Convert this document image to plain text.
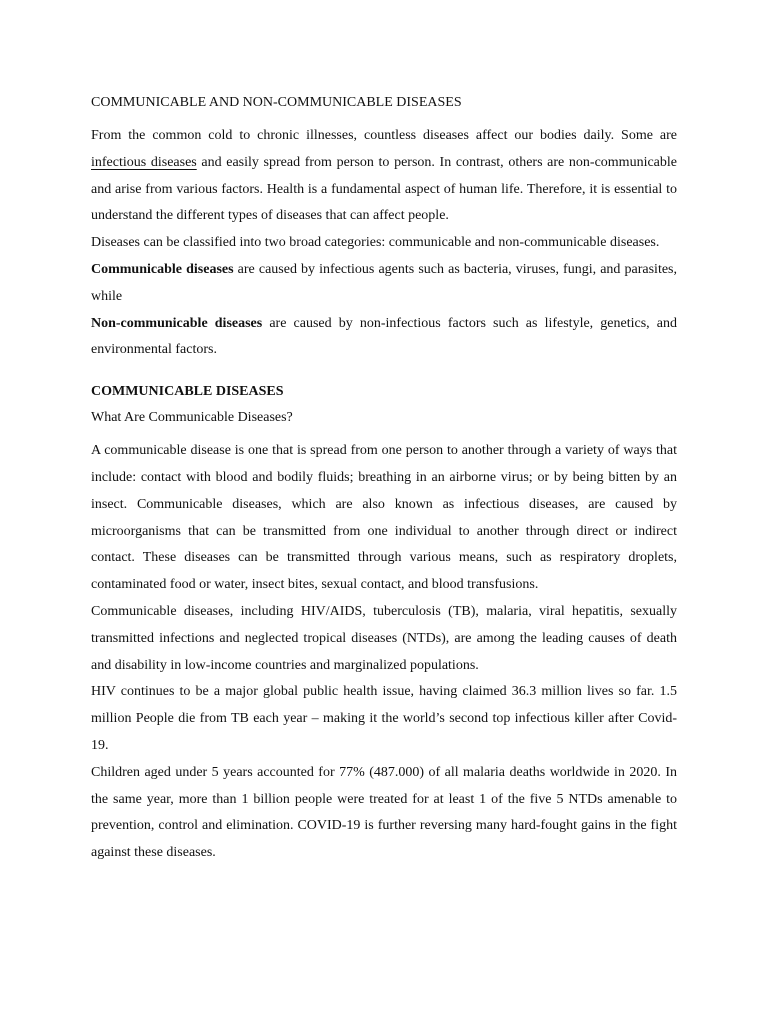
COMMUNICABLE AND NON-COMMUNICABLE DISEASES

From the common cold to chronic illnesses, countless diseases affect our bodies daily. Some are infectious diseases and easily spread from person to person. In contrast, others are non-communicable and arise from various factors. Health is a fundamental aspect of human life. Therefore, it is essential to understand the different types of diseases that can affect people.

Diseases can be classified into two broad categories: communicable and non-communicable diseases.

Communicable diseases are caused by infectious agents such as bacteria, viruses, fungi, and parasites, while

Non-communicable diseases are caused by non-infectious factors such as lifestyle, genetics, and environmental factors.

COMMUNICABLE DISEASES
What Are Communicable Diseases?

A communicable disease is one that is spread from one person to another through a variety of ways that include: contact with blood and bodily fluids; breathing in an airborne virus; or by being bitten by an insect. Communicable diseases, which are also known as infectious diseases, are caused by microorganisms that can be transmitted from one individual to another through direct or indirect contact. These diseases can be transmitted through various means, such as respiratory droplets, contaminated food or water, insect bites, sexual contact, and blood transfusions.

Communicable diseases, including HIV/AIDS, tuberculosis (TB), malaria, viral hepatitis, sexually transmitted infections and neglected tropical diseases (NTDs), are among the leading causes of death and disability in low-income countries and marginalized populations.

HIV continues to be a major global public health issue, having claimed 36.3 million lives so far. 1.5 million People die from TB each year – making it the world’s second top infectious killer after Covid-19.

Children aged under 5 years accounted for 77% (487.000) of all malaria deaths worldwide in 2020. In the same year, more than 1 billion people were treated for at least 1 of the five 5 NTDs amenable to prevention, control and elimination. COVID-19 is further reversing many hard-fought gains in the fight against these diseases.
